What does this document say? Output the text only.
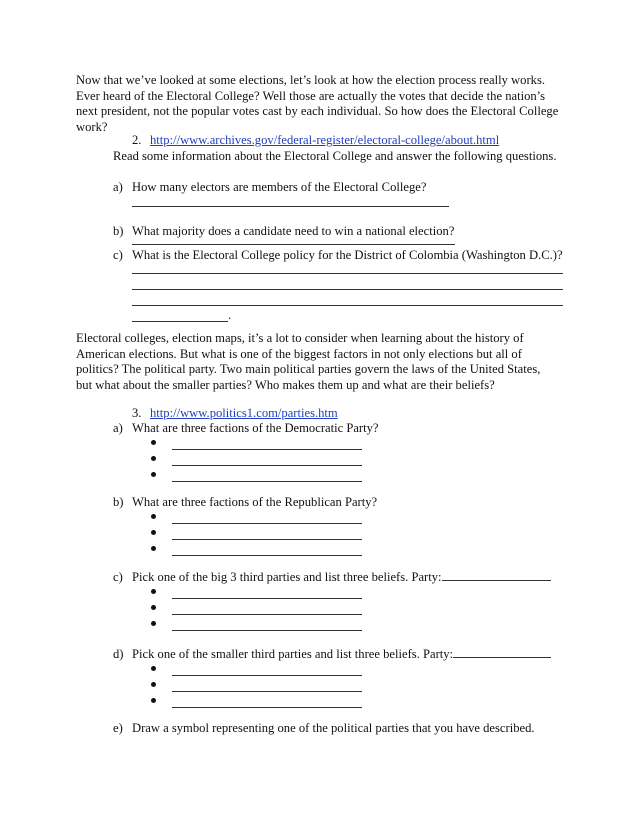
Now that we’ve looked at some elections, let’s look at how the election process really works.
Ever heard of the Electoral College? Well those are actually the votes that decide the nation’s
next president, not the popular votes cast by each individual. So how does the Electoral College
work?
2. http://www.archives.gov/federal-register/electoral-college/about.html
Read some information about the Electoral College and answer the following questions.
a) How many electors are members of the Electoral College?
b) What majority does a candidate need to win a national election?
c) What is the Electoral College policy for the District of Colombia (Washington D.C.)?
.
Electoral colleges, election maps, it’s a lot to consider when learning about the history of
American elections. But what is one of the biggest factors in not only elections but all of
politics? The political party. Two main political parties govern the laws of the United States,
but what about the smaller parties? Who makes them up and what are their beliefs?
3. http://www.politics1.com/parties.htm
a) What are three factions of the Democratic Party?
b) What are three factions of the Republican Party?
c) Pick one of the big 3 third parties and list three beliefs. Party:
d) Pick one of the smaller third parties and list three beliefs. Party:
e) Draw a symbol representing one of the political parties that you have described.
